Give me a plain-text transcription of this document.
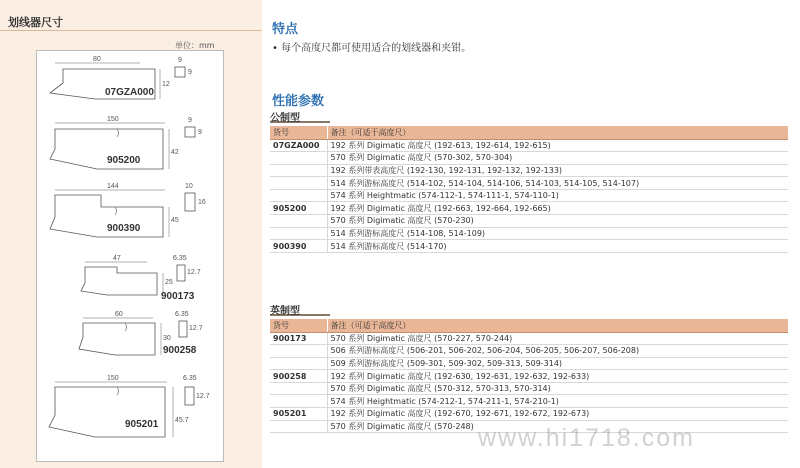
划线器尺寸
单位：mm
80	9
9
12
07GZA000
150	9
9
42
905200
144	10
16
45
900390
47	6.35
12.7
25
900173
60	6.35
12.7
30
900258
150	6.35
12.7
45.7
905201
特点
• 每个高度尺都可使用适合的划线器和夹钳。
性能参数
公制型
货号	备注（可适于高度尺）
07GZA000	192 系列 Digimatic 高度尺 (192-613, 192-614, 192-615)
	570 系列 Digimatic 高度尺 (570-302, 570-304)
	192 系列带表高度尺 (192-130, 192-131, 192-132, 192-133)
	514 系列游标高度尺 (514-102, 514-104, 514-106, 514-103, 514-105, 514-107)
	574 系列 Heightmatic (574-112-1, 574-111-1, 574-110-1)
905200	192 系列 Digimatic 高度尺 (192-663, 192-664, 192-665)
	570 系列 Digimatic 高度尺 (570-230)
	514 系列游标高度尺 (514-108, 514-109)
900390	514 系列游标高度尺 (514-170)
英制型
货号	备注（可适于高度尺）
900173	570 系列 Digimatic 高度尺 (570-227, 570-244)
	506 系列游标高度尺 (506-201, 506-202, 506-204, 506-205, 506-207, 506-208)
	509 系列游标高度尺 (509-301, 509-302, 509-313, 509-314)
900258	192 系列 Digimatic 高度尺 (192-630, 192-631, 192-632, 192-633)
	570 系列 Digimatic 高度尺 (570-312, 570-313, 570-314)
	574 系列 Heightmatic (574-212-1, 574-211-1, 574-210-1)
905201	192 系列 Digimatic 高度尺 (192-670, 192-671, 192-672, 192-673)
	570 系列 Digimatic 高度尺 (570-248) www.hi1718.com
